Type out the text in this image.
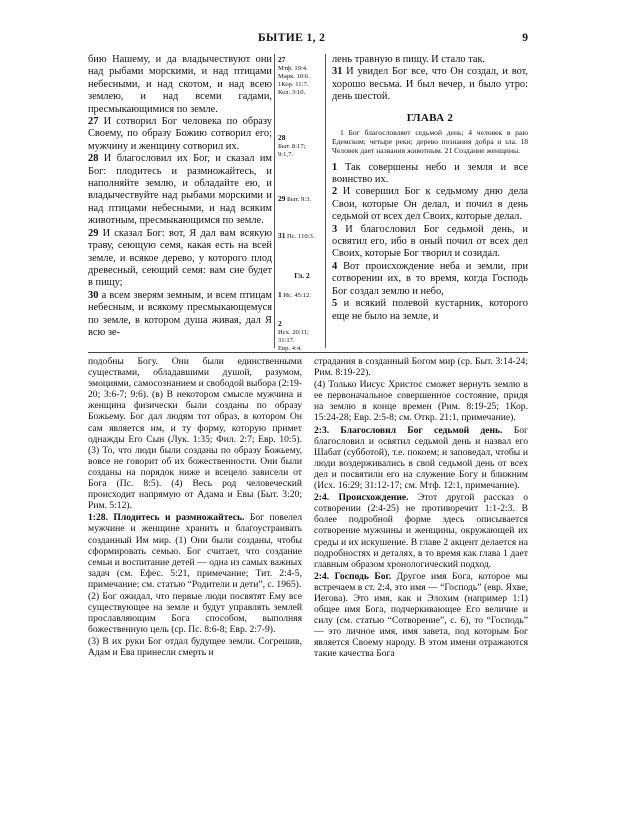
БЫТИЕ 1, 2	9

бию Нашему, и да владычествуют они над рыбами морскими, и над птицами небесными, и над скотом, и над всею землею, и над всеми гадами, пресмыкающимися по земле.

27 И сотворил Бог человека по образу Своему, по образу Божию сотворил его; мужчину и женщину сотворил их.

28 И благословил их Бог, и сказал им Бог: плодитесь и размножайтесь, и наполняйте землю, и обладайте ею, и владычествуйте над рыбами морскими и над птицами небесными, и над всяким животным, пресмыкающимся по земле.

29 И сказал Бог: вот, Я дал вам всякую траву, сеющую семя, какая есть на всей земле, и всякое дерево, у которого плод древесный, сеющий семя: вам сие будет в пищу;

30 а всем зверям земным, и всем птицам небесным, и всякому пресмыкающемуся по земле, в котором душа живая, дал Я всю зе-

27
Мтф. 19:4.
Марк. 10:6.
1Кор. 11:7.
Кол. 3:10.
28
Быт. 8:17;
9:1,7.
29 Быт. 9:3.
31 Пс. 110:3.
Гл. 2
1 Ис. 45:12.
2
Исх. 20:11;
31:17.
Евр. 4:4.

лень травную в пищу. И стало так.

31 И увидел Бог все, что Он создал, и вот, хорошо весьма. И был вечер, и было утро: день шестой.

ГЛАВА 2
1 Бог благословляет седьмой день; 4 человек в раю Едемском; четыре реки; дерево познания добра и зла. 18 Человек дает названия животным. 21 Создание женщины.

1 Так совершены небо и земля и все воинство их.

2 И совершил Бог к седьмому дню дела Свои, которые Он делал, и почил в день седьмой от всех дел Своих, которые делал.

3 И благословил Бог седьмой день, и освятил его, ибо в оный почил от всех дел Своих, которые Бог творил и созидал.

4 Вот происхождение неба и земли, при сотворении их, в то время, когда Господь Бог создал землю и небо,

5 и всякий полевой кустарник, которого еще не было на земле, и

подобны Богу. Они были единственными существами, обладавшими душой, разумом, эмоциями, самосознанием и свободой выбора (2:19-20; 3:6-7; 9:6). (в) В некотором смысле мужчина и женщина физически были созданы по образу Божьему. Бог дал людям тот образ, в котором Он сам является им, и ту форму, которую примет однажды Его Сын (Лук. 1:35; Фил. 2:7; Евр. 10:5). (3) То, что люди были созданы по образу Божьему, вовсе не говорит об их божественности. Они были созданы на порядок ниже и всецело зависели от Бога (Пс. 8:5). (4) Весь род человеческий происходит напрямую от Адама и Евы (Быт. 3:20; Рим. 5:12).

1:28. Плодитесь и размножайтесь. Бог повелел мужчине и женщине хранить и благоустраивать созданный Им мир. (1) Они были созданы, чтобы сформировать семью. Бог считает, что создание семьи и воспитание детей — одна из самых важных задач (см. Ефес. 5:21, примечание; Тит. 2:4-5, примечание; см. статью “Родители и дети”, с. 1965).

(2) Бог ожидал, что первые люди посвятят Ему все существующее на земле и будут управлять землей прославляющим Бога способом, выполняя божественную цель (ср. Пс. 8:6-8; Евр. 2:7-9).

(3) В их руки Бог отдал будущее земли. Согрешив, Адам и Ева принесли смерть и

страдания в созданный Богом мир (ср. Быт. 3:14-24; Рим. 8:19-22).

(4) Только Иисус Христос сможет вернуть землю в ее первоначальное совершенное состояние, придя на землю в конце времен (Рим. 8:19-25; 1Кор. 15:24-28; Евр. 2:5-8; см. Откр. 21:1, примечание).

2:3. Благословил Бог седьмой день. Бог благословил и освятил седьмой день и назвал его Шабат (субботой), т.е. покоем; и заповедал, чтобы и люди воздерживались в свой седьмой день от всех дел и посвятили его на служение Богу и ближним (Исх. 16:29; 31:12-17; см. Мтф. 12:1, примечание).

2:4. Происхождение. Этот другой рассказ о сотворении (2:4-25) не противоречит 1:1-2:3. В более подробной форме здесь описывается сотворение мужчины и женщины, окружающей их среды и их искушение. В главе 2 акцент делается на подробностях и деталях, в то время как глава 1 дает главным образом хронологический подход.

2:4. Господь Бог. Другое имя Бога, которое мы встречаем в ст. 2:4, это имя — “Господь” (евр. Яхве, Иегова). Это имя, как и Элохим (например 1:1) общее имя Бога, подчеркивающее Его величие и силу (см. статью “Сотворение”, с. 6), то “Господь” — это личное имя, имя завета, под которым Бог является Своему народу. В этом имени отражаются такие качества Бога
